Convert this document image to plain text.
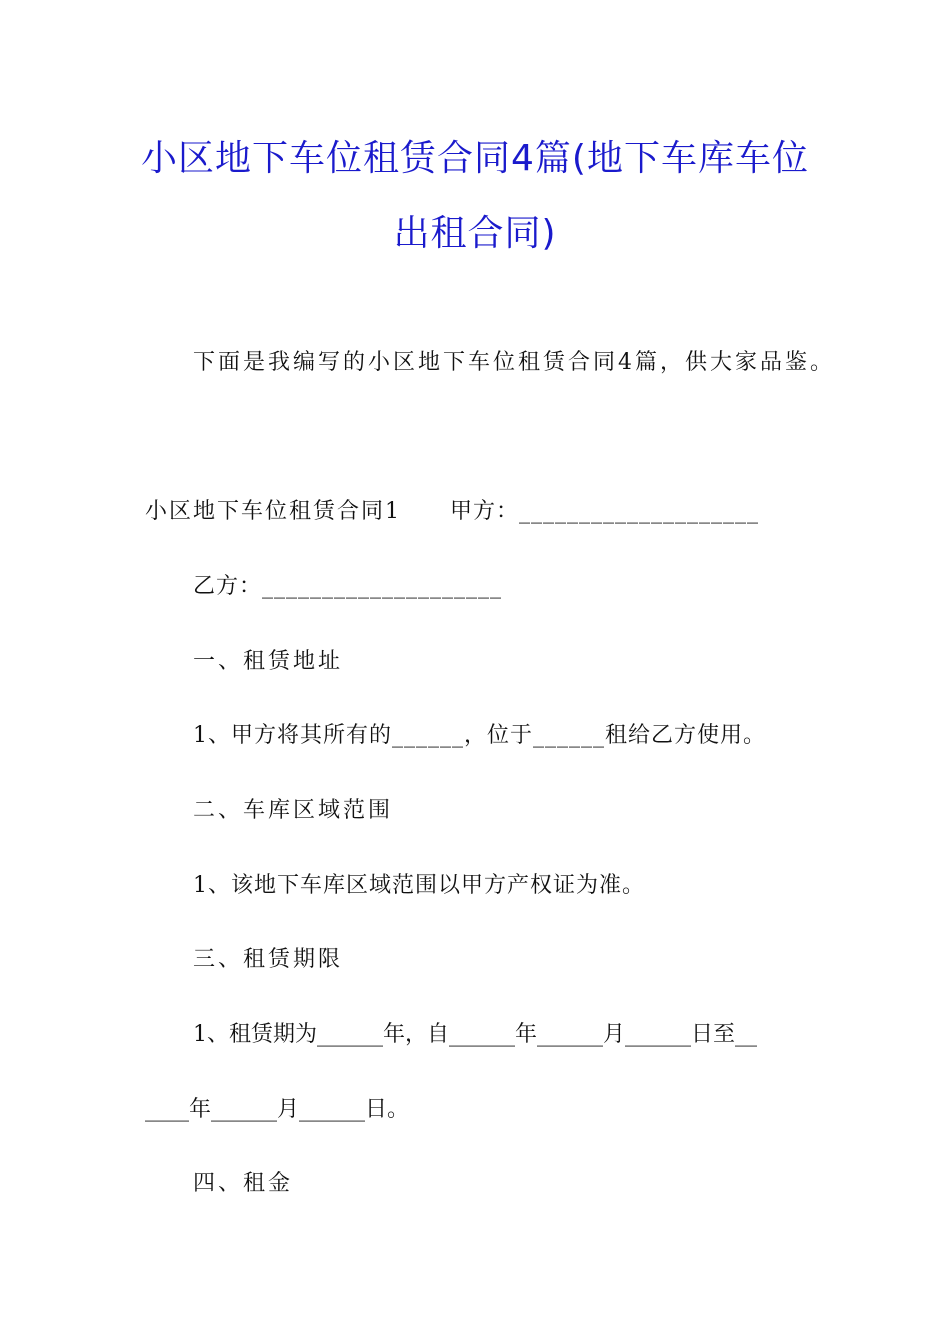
小区地下车位租赁合同4篇(地下车库车位
出租合同)
下面是我编写的小区地下车位租赁合同4篇，供大家品鉴。
小区地下车位租赁合同1 甲方：____________________
乙方：____________________
一、租赁地址
1、甲方将其所有的______，位于______租给乙方使用。
二、车库区域范围
1、该地下车库区域范围以甲方产权证为准。
三、租赁期限
1、租赁期为______年，自______年______月______日至__
____年______月______日。
四、租金
